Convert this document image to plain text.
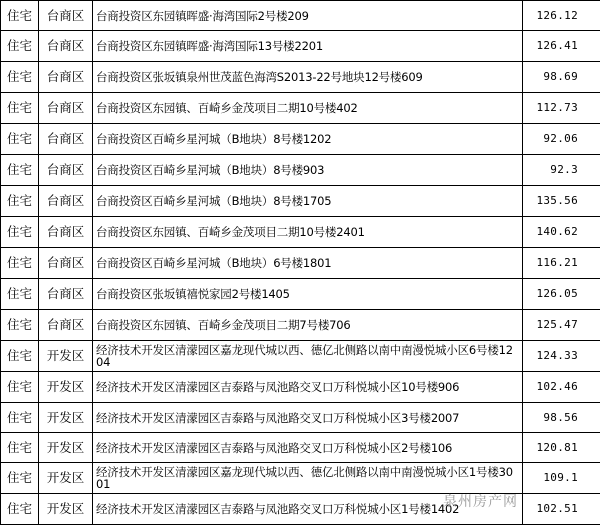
住宅	台商区	台商投资区东园镇晖盛·海湾国际2号楼209	126.12
住宅	台商区	台商投资区东园镇晖盛·海湾国际13号楼2201	126.41
住宅	台商区	台商投资区张坂镇泉州世茂蓝色海湾S2013-22号地块12号楼609	98.69
住宅	台商区	台商投资区东园镇、百崎乡金茂项目二期10号楼402	112.73
住宅	台商区	台商投资区百崎乡星河城（B地块）8号楼1202	92.06
住宅	台商区	台商投资区百崎乡星河城（B地块）8号楼903	92.3
住宅	台商区	台商投资区百崎乡星河城（B地块）8号楼1705	135.56
住宅	台商区	台商投资区东园镇、百崎乡金茂项目二期10号楼2401	140.62
住宅	台商区	台商投资区百崎乡星河城（B地块）6号楼1801	116.21
住宅	台商区	台商投资区张坂镇禧悦家园2号楼1405	126.05
住宅	台商区	台商投资区东园镇、百崎乡金茂项目二期7号楼706	125.47
住宅	开发区	经济技术开发区清濛园区嘉龙现代城以西、德亿北侧路以南中南漫悦城小区6号楼1204	124.33
住宅	开发区	经济技术开发区清濛园区吉泰路与凤池路交叉口万科悦城小区10号楼906	102.46
住宅	开发区	经济技术开发区清濛园区吉泰路与凤池路交叉口万科悦城小区3号楼2007	98.56
住宅	开发区	经济技术开发区清濛园区吉泰路与凤池路交叉口万科悦城小区2号楼106	120.81
住宅	开发区	经济技术开发区清濛园区嘉龙现代城以西、德亿北侧路以南中南漫悦城小区1号楼3001	109.1
住宅	开发区	经济技术开发区清濛园区吉泰路与凤池路交叉口万科悦城小区1号楼1402	102.51
泉州房产网
